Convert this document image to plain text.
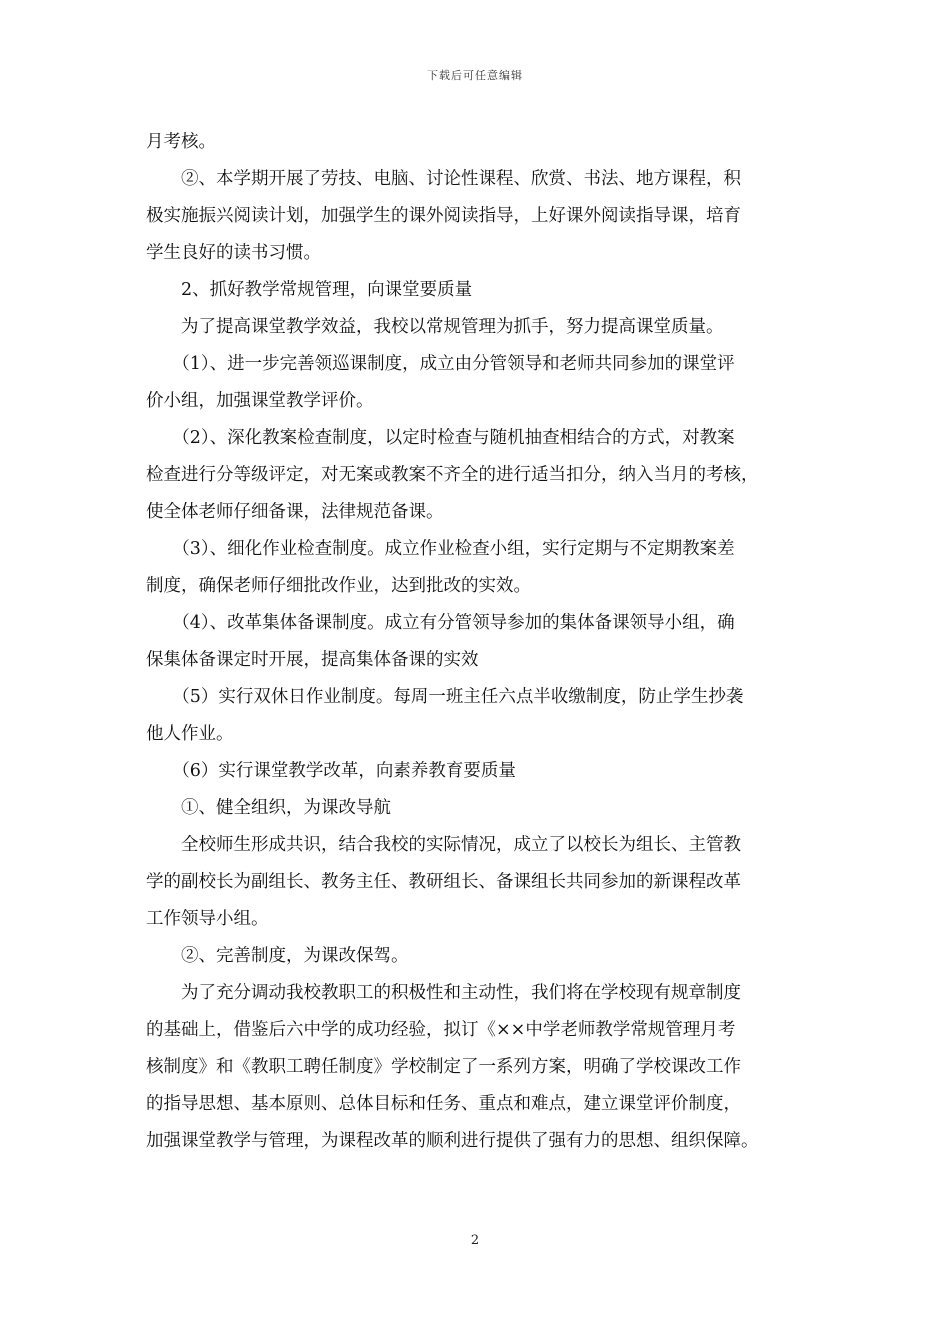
下载后可任意编辑
月考核。
　　②、本学期开展了劳技、电脑、讨论性课程、欣赏、书法、地方课程，积
极实施振兴阅读计划，加强学生的课外阅读指导，上好课外阅读指导课，培育
学生良好的读书习惯。
　　2、抓好教学常规管理，向课堂要质量
　　为了提高课堂教学效益，我校以常规管理为抓手，努力提高课堂质量。
　　（1）、进一步完善领巡课制度，成立由分管领导和老师共同参加的课堂评
价小组，加强课堂教学评价。
　　（2）、深化教案检查制度，以定时检查与随机抽查相结合的方式，对教案
检查进行分等级评定，对无案或教案不齐全的进行适当扣分，纳入当月的考核，
使全体老师仔细备课，法律规范备课。
　　（3）、细化作业检查制度。成立作业检查小组，实行定期与不定期教案差
制度，确保老师仔细批改作业，达到批改的实效。
　　（4）、改革集体备课制度。成立有分管领导参加的集体备课领导小组，确
保集体备课定时开展，提高集体备课的实效
　　（5）实行双休日作业制度。每周一班主任六点半收缴制度，防止学生抄袭
他人作业。
　　（6）实行课堂教学改革，向素养教育要质量
　　①、健全组织，为课改导航
　　全校师生形成共识，结合我校的实际情况，成立了以校长为组长、主管教
学的副校长为副组长、教务主任、教研组长、备课组长共同参加的新课程改革
工作领导小组。
　　②、完善制度，为课改保驾。
　　为了充分调动我校教职工的积极性和主动性，我们将在学校现有规章制度
的基础上，借鉴后六中学的成功经验，拟订《××中学老师教学常规管理月考
核制度》和《教职工聘任制度》学校制定了一系列方案，明确了学校课改工作
的指导思想、基本原则、总体目标和任务、重点和难点，建立课堂评价制度，
加强课堂教学与管理，为课程改革的顺利进行提供了强有力的思想、组织保障。
2
